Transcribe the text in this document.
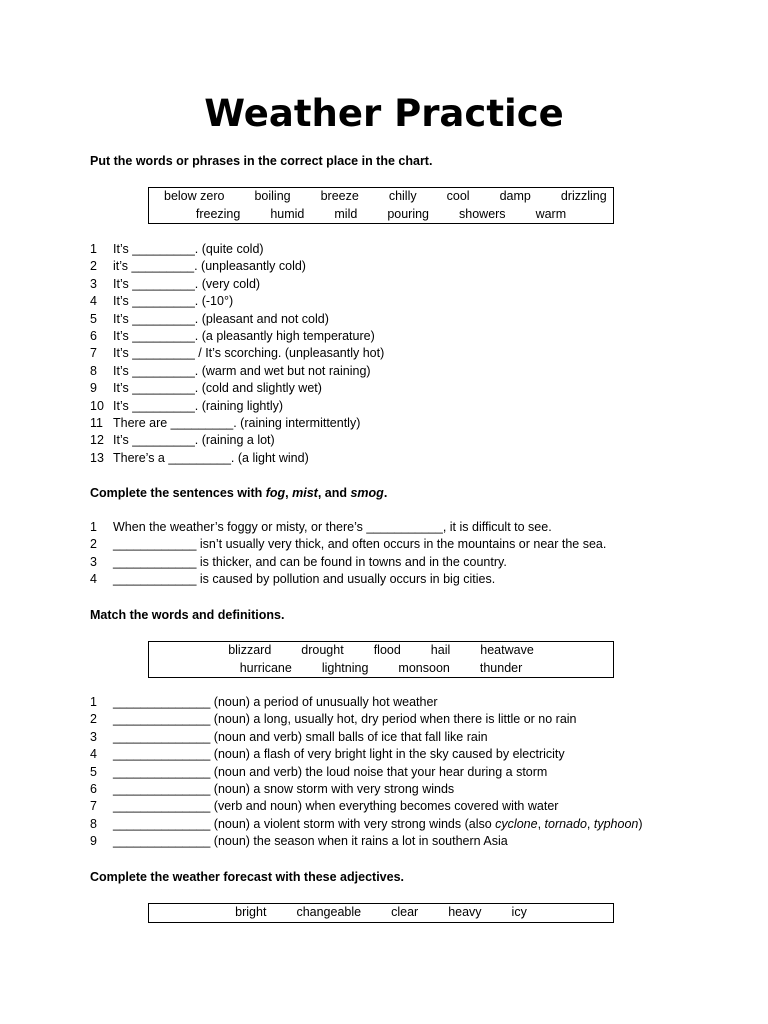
Weather Practice
Put the words or phrases in the correct place in the chart.
below zero boiling breeze chilly cool damp drizzling
freezing humid mild pouring showers warm
1	It’s _________. (quite cold)
2	it’s _________. (unpleasantly cold)
3	It’s _________. (very cold)
4	It’s _________. (-10°)
5	It’s _________. (pleasant and not cold)
6	It’s _________. (a pleasantly high temperature)
7	It’s _________ / It’s scorching. (unpleasantly hot)
8	It’s _________. (warm and wet but not raining)
9	It’s _________. (cold and slightly wet)
10 It’s _________. (raining lightly)
11 There are _________. (raining intermittently)
12 It’s _________. (raining a lot)
13 There’s a _________. (a light wind)
Complete the sentences with fog, mist, and smog.
1	When the weather’s foggy or misty, or there’s ___________, it is difficult to see.
2	____________ isn’t usually very thick, and often occurs in the mountains or near the sea.
3	____________ is thicker, and can be found in towns and in the country.
4	____________ is caused by pollution and usually occurs in big cities.
Match the words and definitions.
blizzard drought flood hail heatwave
hurricane lightning monsoon thunder
1	______________ (noun) a period of unusually hot weather
2	______________ (noun) a long, usually hot, dry period when there is little or no rain
3	______________ (noun and verb) small balls of ice that fall like rain
4	______________ (noun) a flash of very bright light in the sky caused by electricity
5	______________ (noun and verb) the loud noise that your hear during a storm
6	______________ (noun) a snow storm with very strong winds
7	______________ (verb and noun) when everything becomes covered with water
8	______________ (noun) a violent storm with very strong winds (also cyclone, tornado, typhoon)
9	______________ (noun) the season when it rains a lot in southern Asia
Complete the weather forecast with these adjectives.
bright changeable clear heavy icy
